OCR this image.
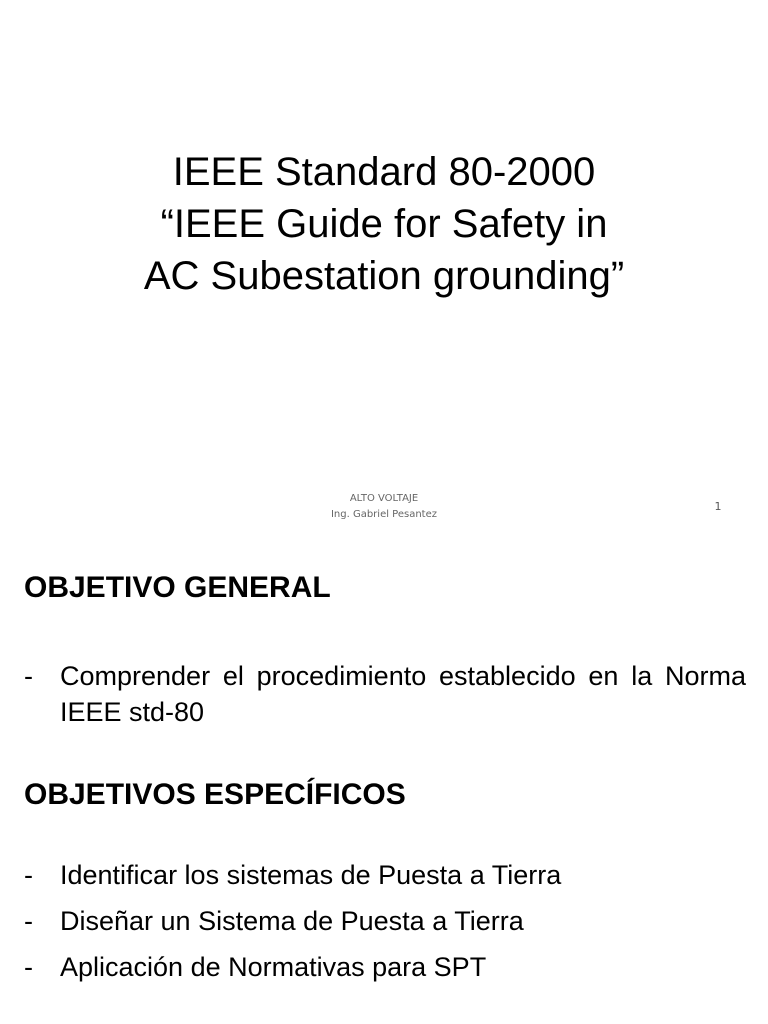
IEEE Standard 80-2000
“IEEE Guide for Safety in
AC Subestation grounding”
ALTO VOLTAJE
Ing. Gabriel Pesantez
1
OBJETIVO GENERAL
- Comprender el procedimiento establecido en la Norma IEEE std-80
OBJETIVOS ESPECÍFICOS
- Identificar los sistemas de Puesta a Tierra
- Diseñar un Sistema de Puesta a Tierra
- Aplicación de Normativas para SPT
